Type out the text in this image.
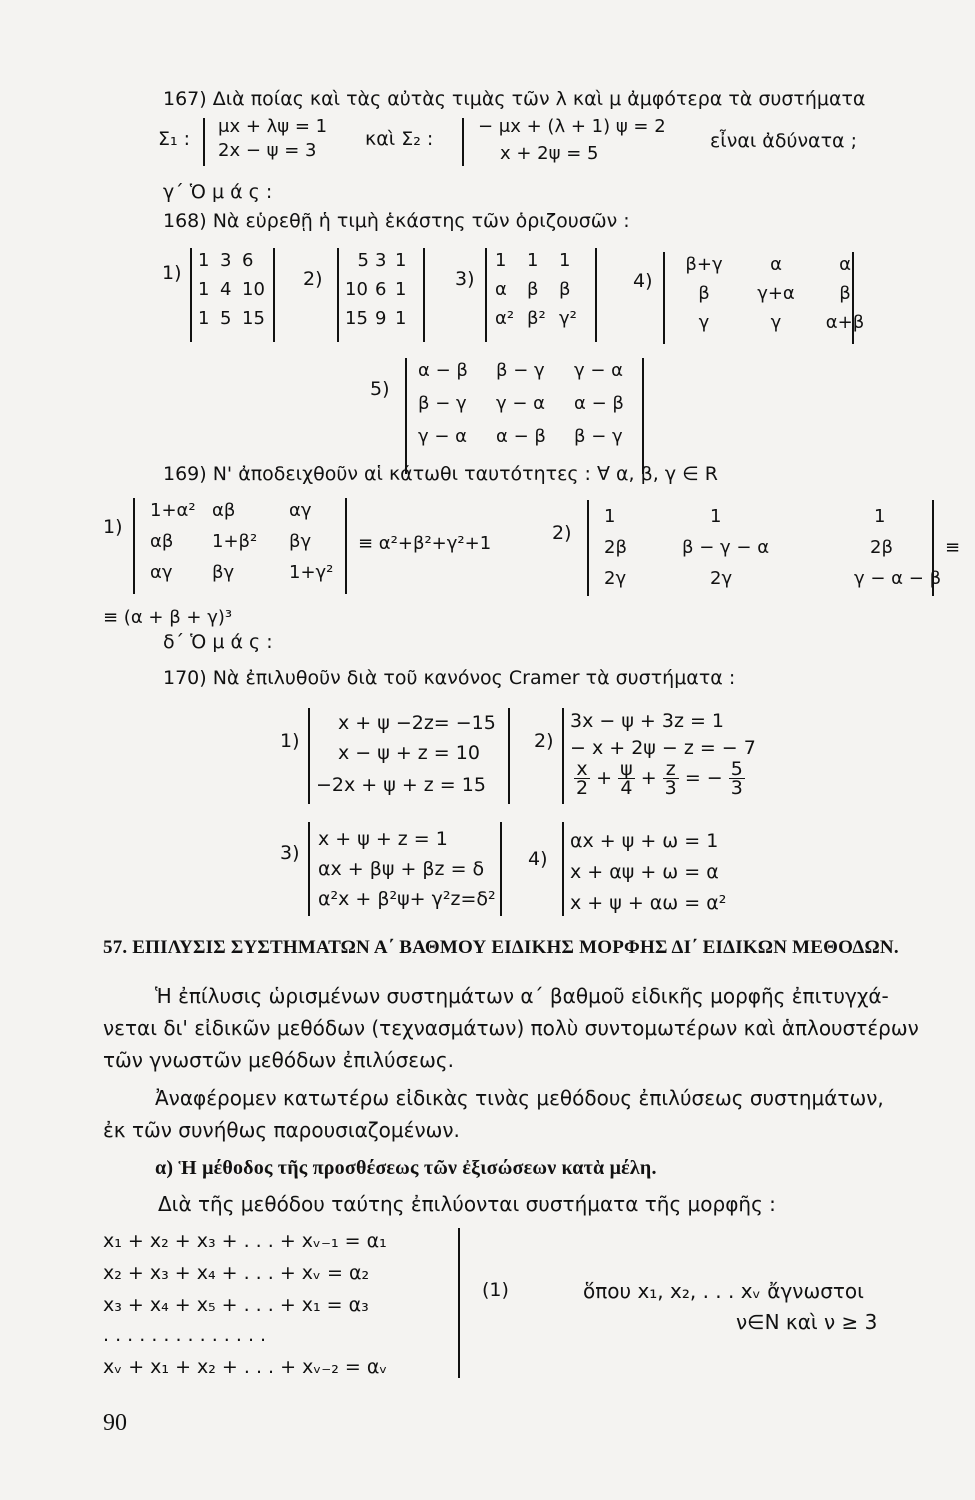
167) Διὰ ποίας καὶ τὰς αὐτὰς τιμὰς τῶν λ καὶ μ ἀμφότερα τὰ συστήματα
Σ₁ :
μx + λψ = 1
2x − ψ = 3
καὶ Σ₂ :
− μx + (λ + 1) ψ = 2
x + 2ψ = 5
εἶναι ἀδύνατα ;
γ΄ Ὁ μ ά ς :
168) Νὰ εὑρεθῇ ἡ τιμὴ ἑκάστης τῶν ὁριζουσῶν :
1)
1 3 6
1 4 10
1 5 15
2)
5 3 1
10 6 1
15 9 1
3)
1	1	1
α	β	β
α² β² γ²
4)
β+γ	α	α
β	γ+α	β
γ	γ	α+β
5)
α − β	β − γ	γ − α
β − γ	γ − α	α − β
γ − α	α − β	β − γ
169) Ν' ἀποδειχθοῦν αἱ κάτωθι ταυτότητες : ∀ α, β, γ ∈ R
1)
1+α² αβ	αγ
αβ	1+β²	βγ
αγ	βγ	1+γ²
≡ α²+β²+γ²+1	2)
1	1	1
2β	β − γ − α	2β
2γ	2γ	γ − α − β
≡
≡ (α + β + γ)³
δ΄ Ὁ μ ά ς :
170) Νὰ ἐπιλυθοῦν διὰ τοῦ κανόνος Cramer τὰ συστήματα :
1)
x + ψ −2z= −15
x − ψ + z = 10
−2x + ψ + z = 15
2)
3x − ψ + 3z = 1
− x + 2ψ − z = − 7
$\frac{x}{2} + \frac{\psi}{4} + \frac{z}{3}$ = − $\frac{5}{3}$
3)
x + ψ + z = 1
αx + βψ + βz = δ
α²x + β²ψ+ γ²z=δ²
4)
αx + ψ + ω = 1
x + αψ + ω = α
x + ψ + αω = α²
57. ΕΠΙΛΥΣΙΣ ΣΥΣΤΗΜΑΤΩΝ Α΄ ΒΑΘΜΟΥ ΕΙΔΙΚΗΣ ΜΟΡΦΗΣ ΔΙ΄ ΕΙΔΙΚΩΝ ΜΕΘΟΔΩΝ.
Ἡ ἐπίλυσις ὡρισμένων συστημάτων α΄ βαθμοῦ εἰδικῆς μορφῆς ἐπιτυγχά-
νεται δι' εἰδικῶν μεθόδων (τεχνασμάτων) πολὺ συντομωτέρων καὶ ἁπλουστέρων
τῶν γνωστῶν μεθόδων ἐπιλύσεως.
Ἀναφέρομεν κατωτέρω εἰδικὰς τινὰς μεθόδους ἐπιλύσεως συστημάτων,
ἐκ τῶν συνήθως παρουσιαζομένων.
α) Ἡ μέθοδος τῆς προσθέσεως τῶν ἐξισώσεων κατὰ μέλη.
Διὰ τῆς μεθόδου ταύτης ἐπιλύονται συστήματα τῆς μορφῆς :
x₁ + x₂ + x₃ + . . . + xᵥ₋₁ = α₁
x₂ + x₃ + x₄ + . . . + xᵥ = α₂
x₃ + x₄ + x₅ + . . . + x₁ = α₃
. . . . . . . . . . . . . .
xᵥ + x₁ + x₂ + . . . + xᵥ₋₂ = αᵥ
(1)	ὅπου x₁, x₂, . . . xᵥ ἄγνωστοι
ν∈N καὶ ν ≥ 3
90
